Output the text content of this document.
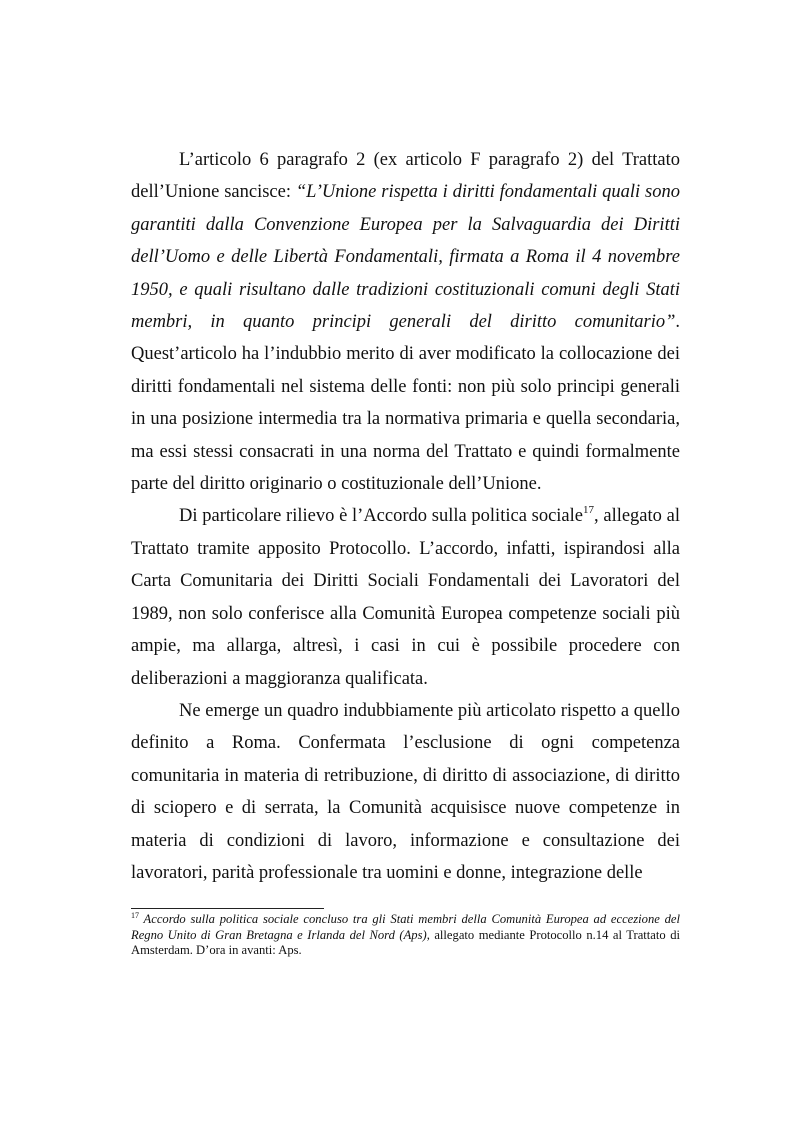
L’articolo 6 paragrafo 2 (ex articolo F paragrafo 2) del Trattato dell’Unione sancisce: “L’Unione rispetta i diritti fondamentali quali sono garantiti dalla Convenzione Europea per la Salvaguardia dei Diritti dell’Uomo e delle Libertà Fondamentali, firmata a Roma il 4 novembre 1950, e quali risultano dalle tradizioni costituzionali comuni degli Stati membri, in quanto principi generali del diritto comunitario”. Quest’articolo ha l’indubbio merito di aver modificato la collocazione dei diritti fondamentali nel sistema delle fonti: non più solo principi generali in una posizione intermedia tra la normativa primaria e quella secondaria, ma essi stessi consacrati in una norma del Trattato e quindi formalmente parte del diritto originario o costituzionale dell’Unione.

Di particolare rilievo è l’Accordo sulla politica sociale$^{17}$, allegato al Trattato tramite apposito Protocollo. L’accordo, infatti, ispirandosi alla Carta Comunitaria dei Diritti Sociali Fondamentali dei Lavoratori del 1989, non solo conferisce alla Comunità Europea competenze sociali più ampie, ma allarga, altresì, i casi in cui è possibile procedere con deliberazioni a maggioranza qualificata.

Ne emerge un quadro indubbiamente più articolato rispetto a quello definito a Roma. Confermata l’esclusione di ogni competenza comunitaria in materia di retribuzione, di diritto di associazione, di diritto di sciopero e di serrata, la Comunità acquisisce nuove competenze in materia di condizioni di lavoro, informazione e consultazione dei lavoratori, parità professionale tra uomini e donne, integrazione delle

$^{17}$ Accordo sulla politica sociale concluso tra gli Stati membri della Comunità Europea ad eccezione del Regno Unito di Gran Bretagna e Irlanda del Nord (Aps), allegato mediante Protocollo n.14 al Trattato di Amsterdam. D’ora in avanti: Aps.
